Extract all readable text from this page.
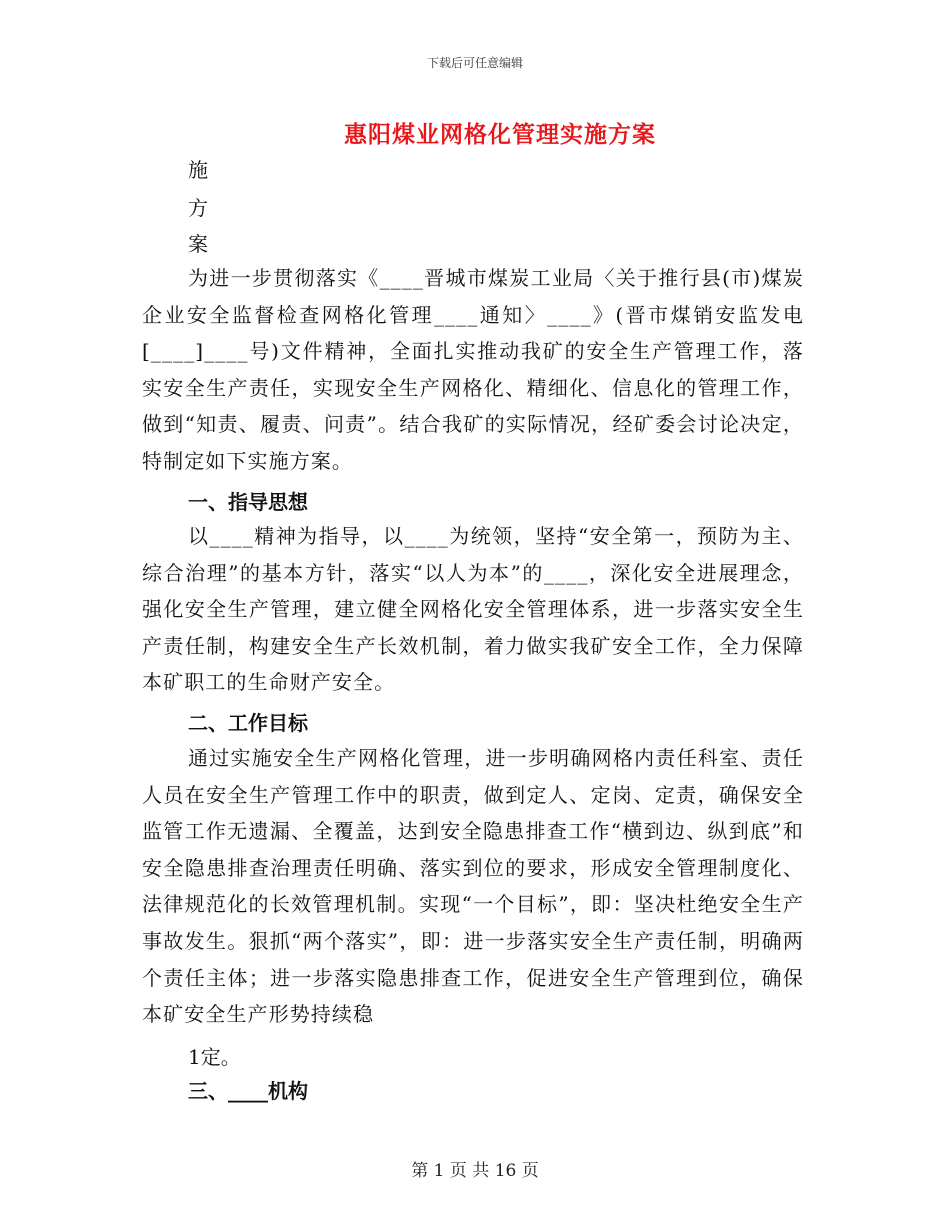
下载后可任意编辑
惠阳煤业网格化管理实施方案
施
方
案

为进一步贯彻落实《____晋城市煤炭工业局〈关于推行县(市)煤炭企业安全监督检查网格化管理____通知〉____》(晋市煤销安监发电[____]____号)文件精神，全面扎实推动我矿的安全生产管理工作，落实安全生产责任，实现安全生产网格化、精细化、信息化的管理工作，做到“知责、履责、问责”。结合我矿的实际情况，经矿委会讨论决定，特制定如下实施方案。

一、指导思想

以____精神为指导，以____为统领，坚持“安全第一，预防为主、综合治理”的基本方针，落实“以人为本”的____，深化安全进展理念，强化安全生产管理，建立健全网格化安全管理体系，进一步落实安全生产责任制，构建安全生产长效机制，着力做实我矿安全工作，全力保障本矿职工的生命财产安全。

二、工作目标

通过实施安全生产网格化管理，进一步明确网格内责任科室、责任人员在安全生产管理工作中的职责，做到定人、定岗、定责，确保安全监管工作无遗漏、全覆盖，达到安全隐患排查工作“横到边、纵到底”和安全隐患排查治理责任明确、落实到位的要求，形成安全管理制度化、法律规范化的长效管理机制。实现“一个目标”，即：坚决杜绝安全生产事故发生。狠抓“两个落实”，即：进一步落实安全生产责任制，明确两个责任主体；进一步落实隐患排查工作，促进安全生产管理到位，确保本矿安全生产形势持续稳

1定。

三、____机构

第 1 页 共 16 页
